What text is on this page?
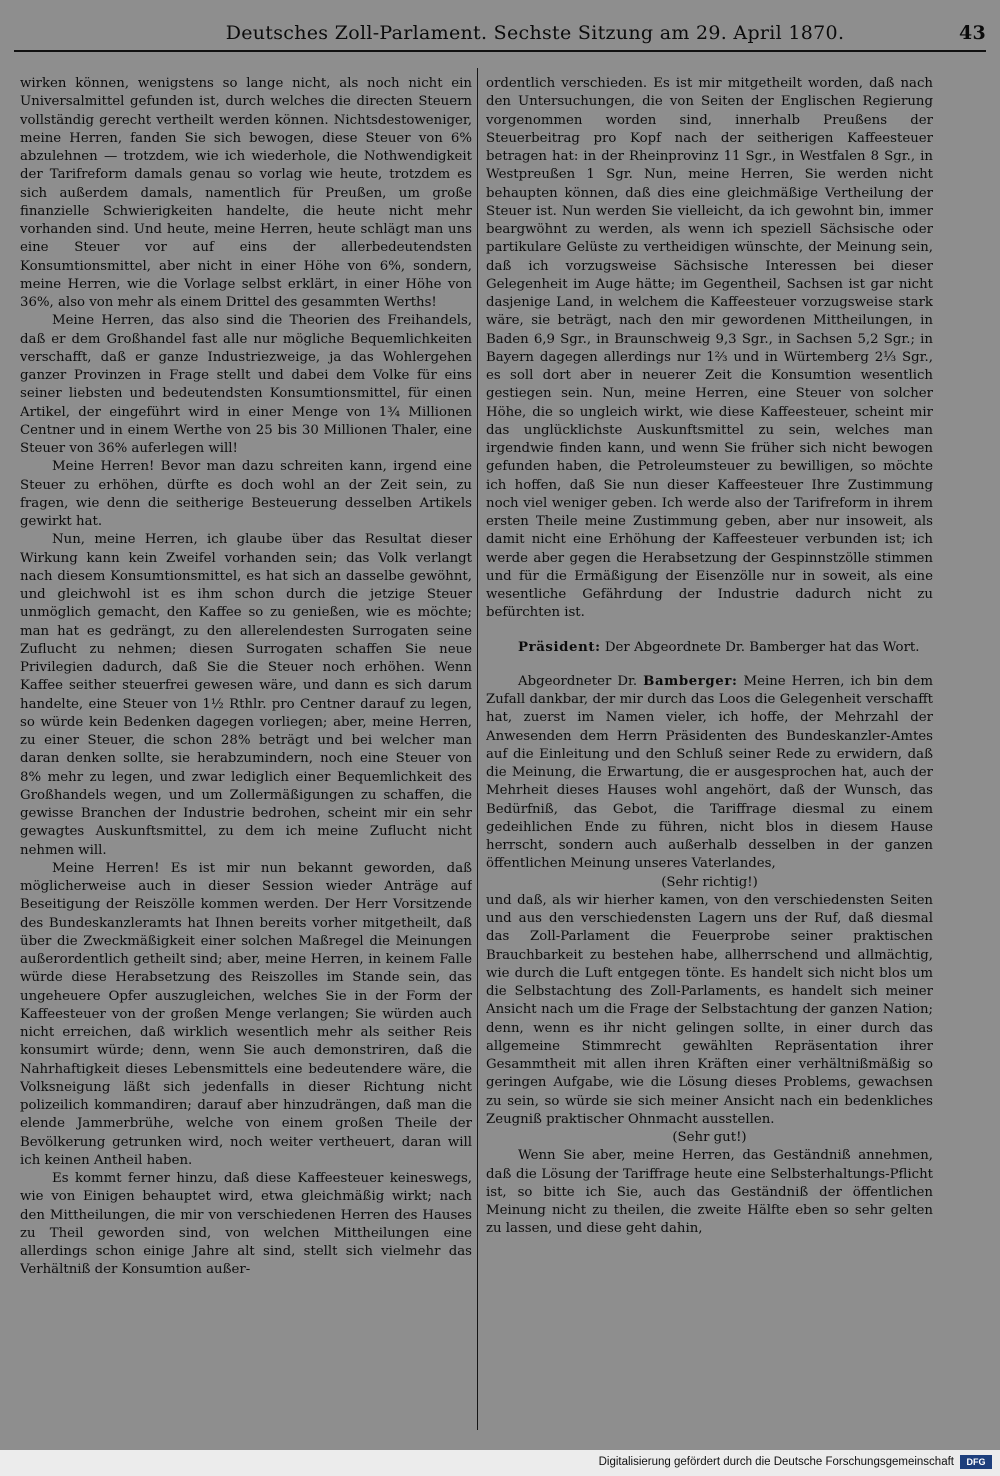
Deutsches Zoll-Parlament. Sechste Sitzung am 29. April 1870.	43

wirken können, wenigstens so lange nicht, als noch nicht ein Universalmittel gefunden ist, durch welches die directen Steuern vollständig gerecht vertheilt werden können. Nichtsdestoweniger, meine Herren, fanden Sie sich bewogen, diese Steuer von 6% abzulehnen — trotzdem, wie ich wiederhole, die Nothwendigkeit der Tarifreform damals genau so vorlag wie heute, trotzdem es sich außerdem damals, namentlich für Preußen, um große finanzielle Schwierigkeiten handelte, die heute nicht mehr vorhanden sind. Und heute, meine Herren, heute schlägt man uns eine Steuer vor auf eins der allerbedeutendsten Konsumtionsmittel, aber nicht in einer Höhe von 6%, sondern, meine Herren, wie die Vorlage selbst erklärt, in einer Höhe von 36%, also von mehr als einem Drittel des gesammten Werths!

Meine Herren, das also sind die Theorien des Freihandels, daß er dem Großhandel fast alle nur mögliche Bequemlichkeiten verschafft, daß er ganze Industriezweige, ja das Wohlergehen ganzer Provinzen in Frage stellt und dabei dem Volke für eins seiner liebsten und bedeutendsten Konsumtionsmittel, für einen Artikel, der eingeführt wird in einer Menge von 1¾ Millionen Centner und in einem Werthe von 25 bis 30 Millionen Thaler, eine Steuer von 36% auferlegen will!

Meine Herren! Bevor man dazu schreiten kann, irgend eine Steuer zu erhöhen, dürfte es doch wohl an der Zeit sein, zu fragen, wie denn die seitherige Besteuerung desselben Artikels gewirkt hat.

Nun, meine Herren, ich glaube über das Resultat dieser Wirkung kann kein Zweifel vorhanden sein; das Volk verlangt nach diesem Konsumtionsmittel, es hat sich an dasselbe gewöhnt, und gleichwohl ist es ihm schon durch die jetzige Steuer unmöglich gemacht, den Kaffee so zu genießen, wie es möchte; man hat es gedrängt, zu den allerelendesten Surrogaten seine Zuflucht zu nehmen; diesen Surrogaten schaffen Sie neue Privilegien dadurch, daß Sie die Steuer noch erhöhen. Wenn Kaffee seither steuerfrei gewesen wäre, und dann es sich darum handelte, eine Steuer von 1½ Rthlr. pro Centner darauf zu legen, so würde kein Bedenken dagegen vorliegen; aber, meine Herren, zu einer Steuer, die schon 28% beträgt und bei welcher man daran denken sollte, sie herabzumindern, noch eine Steuer von 8% mehr zu legen, und zwar lediglich einer Bequemlichkeit des Großhandels wegen, und um Zollermäßigungen zu schaffen, die gewisse Branchen der Industrie bedrohen, scheint mir ein sehr gewagtes Auskunftsmittel, zu dem ich meine Zuflucht nicht nehmen will.

Meine Herren! Es ist mir nun bekannt geworden, daß möglicherweise auch in dieser Session wieder Anträge auf Beseitigung der Reiszölle kommen werden. Der Herr Vorsitzende des Bundeskanzleramts hat Ihnen bereits vorher mitgetheilt, daß über die Zweckmäßigkeit einer solchen Maßregel die Meinungen außerordentlich getheilt sind; aber, meine Herren, in keinem Falle würde diese Herabsetzung des Reiszolles im Stande sein, das ungeheuere Opfer auszugleichen, welches Sie in der Form der Kaffeesteuer von der großen Menge verlangen; Sie würden auch nicht erreichen, daß wirklich wesentlich mehr als seither Reis konsumirt würde; denn, wenn Sie auch demonstriren, daß die Nahrhaftigkeit dieses Lebensmittels eine bedeutendere wäre, die Volksneigung läßt sich jedenfalls in dieser Richtung nicht polizeilich kommandiren; darauf aber hinzudrängen, daß man die elende Jammerbrühe, welche von einem großen Theile der Bevölkerung getrunken wird, noch weiter vertheuert, daran will ich keinen Antheil haben.

Es kommt ferner hinzu, daß diese Kaffeesteuer keineswegs, wie von Einigen behauptet wird, etwa gleichmäßig wirkt; nach den Mittheilungen, die mir von verschiedenen Herren des Hauses zu Theil geworden sind, von welchen Mittheilungen eine allerdings schon einige Jahre alt sind, stellt sich vielmehr das Verhältniß der Konsumtion außer-

ordentlich verschieden. Es ist mir mitgetheilt worden, daß nach den Untersuchungen, die von Seiten der Englischen Regierung vorgenommen worden sind, innerhalb Preußens der Steuerbeitrag pro Kopf nach der seitherigen Kaffeesteuer betragen hat: in der Rheinprovinz 11 Sgr., in Westfalen 8 Sgr., in Westpreußen 1 Sgr. Nun, meine Herren, Sie werden nicht behaupten können, daß dies eine gleichmäßige Vertheilung der Steuer ist. Nun werden Sie vielleicht, da ich gewohnt bin, immer beargwöhnt zu werden, als wenn ich speziell Sächsische oder partikulare Gelüste zu vertheidigen wünschte, der Meinung sein, daß ich vorzugsweise Sächsische Interessen bei dieser Gelegenheit im Auge hätte; im Gegentheil, Sachsen ist gar nicht dasjenige Land, in welchem die Kaffeesteuer vorzugsweise stark wäre, sie beträgt, nach den mir gewordenen Mittheilungen, in Baden 6,9 Sgr., in Braunschweig 9,3 Sgr., in Sachsen 5,2 Sgr.; in Bayern dagegen allerdings nur 1⅔ und in Würtemberg 2⅓ Sgr., es soll dort aber in neuerer Zeit die Konsumtion wesentlich gestiegen sein. Nun, meine Herren, eine Steuer von solcher Höhe, die so ungleich wirkt, wie diese Kaffeesteuer, scheint mir das unglücklichste Auskunftsmittel zu sein, welches man irgendwie finden kann, und wenn Sie früher sich nicht bewogen gefunden haben, die Petroleumsteuer zu bewilligen, so möchte ich hoffen, daß Sie nun dieser Kaffeesteuer Ihre Zustimmung noch viel weniger geben. Ich werde also der Tarifreform in ihrem ersten Theile meine Zustimmung geben, aber nur insoweit, als damit nicht eine Erhöhung der Kaffeesteuer verbunden ist; ich werde aber gegen die Herabsetzung der Gespinnstzölle stimmen und für die Ermäßigung der Eisenzölle nur in soweit, als eine wesentliche Gefährdung der Industrie dadurch nicht zu befürchten ist.

Präsident: Der Abgeordnete Dr. Bamberger hat das Wort.

Abgeordneter Dr. Bamberger: Meine Herren, ich bin dem Zufall dankbar, der mir durch das Loos die Gelegenheit verschafft hat, zuerst im Namen vieler, ich hoffe, der Mehrzahl der Anwesenden dem Herrn Präsidenten des Bundeskanzler-Amtes auf die Einleitung und den Schluß seiner Rede zu erwidern, daß die Meinung, die Erwartung, die er ausgesprochen hat, auch der Mehrheit dieses Hauses wohl angehört, daß der Wunsch, das Bedürfniß, das Gebot, die Tariffrage diesmal zu einem gedeihlichen Ende zu führen, nicht blos in diesem Hause herrscht, sondern auch außerhalb desselben in der ganzen öffentlichen Meinung unseres Vaterlandes,

(Sehr richtig!)

und daß, als wir hierher kamen, von den verschiedensten Seiten und aus den verschiedensten Lagern uns der Ruf, daß diesmal das Zoll-Parlament die Feuerprobe seiner praktischen Brauchbarkeit zu bestehen habe, allherrschend und allmächtig, wie durch die Luft entgegen tönte. Es handelt sich nicht blos um die Selbstachtung des Zoll-Parlaments, es handelt sich meiner Ansicht nach um die Frage der Selbstachtung der ganzen Nation; denn, wenn es ihr nicht gelingen sollte, in einer durch das allgemeine Stimmrecht gewählten Repräsentation ihrer Gesammtheit mit allen ihren Kräften einer verhältnißmäßig so geringen Aufgabe, wie die Lösung dieses Problems, gewachsen zu sein, so würde sie sich meiner Ansicht nach ein bedenkliches Zeugniß praktischer Ohnmacht ausstellen.

(Sehr gut!)

Wenn Sie aber, meine Herren, das Geständniß annehmen, daß die Lösung der Tariffrage heute eine Selbsterhaltungs-Pflicht ist, so bitte ich Sie, auch das Geständniß der öffentlichen Meinung nicht zu theilen, die zweite Hälfte eben so sehr gelten zu lassen, und diese geht dahin,

Digitalisierung gefördert durch die Deutsche Forschungsgemeinschaft	DFG
